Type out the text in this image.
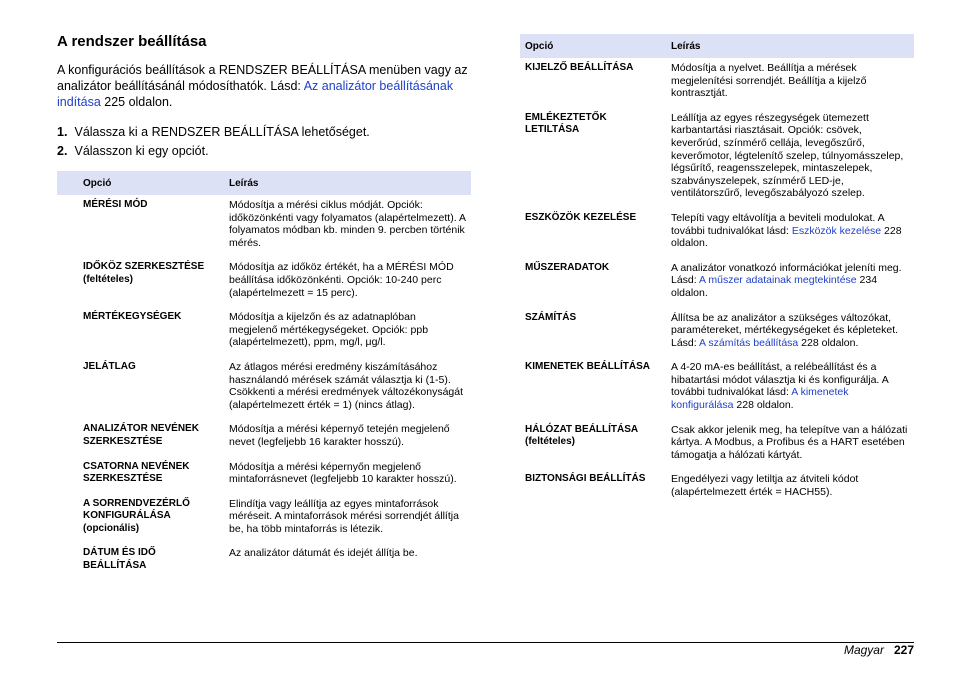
A rendszer beállítása

A konfigurációs beállítások a RENDSZER BEÁLLÍTÁSA menüben vagy az analizátor beállításánál módosíthatók. Lásd: Az analizátor beállításának indítása 225 oldalon.

1. Válassza ki a RENDSZER BEÁLLÍTÁSA lehetőséget.
2. Válasszon ki egy opciót.
Opció	Leírás
MÉRÉSI MÓD	Módosítja a mérési ciklus módját. Opciók: időközönkénti vagy folyamatos (alapértelmezett). A folyamatos módban kb. minden 9. percben történik mérés.
IDŐKÖZ SZERKESZTÉSE (feltételes)	Módosítja az időköz értékét, ha a MÉRÉSI MÓD beállítása időközönkénti. Opciók: 10-240 perc (alapértelmezett = 15 perc).
MÉRTÉKEGYSÉGEK	Módosítja a kijelzőn és az adatnaplóban megjelenő mértékegységeket. Opciók: ppb (alapértelmezett), ppm, mg/l, μg/l.
JELÁTLAG	Az átlagos mérési eredmény kiszámításához használandó mérések számát választja ki (1-5). Csökkenti a mérési eredmények változékonyságát (alapértelmezett érték = 1) (nincs átlag).
ANALIZÁTOR NEVÉNEK SZERKESZTÉSE	Módosítja a mérési képernyő tetején megjelenő nevet (legfeljebb 16 karakter hosszú).
CSATORNA NEVÉNEK SZERKESZTÉSE	Módosítja a mérési képernyőn megjelenő mintaforrásnevet (legfeljebb 10 karakter hosszú).
A SORRENDVEZÉRLŐ KONFIGURÁLÁSA (opcionális)	Elindítja vagy leállítja az egyes mintaforrások méréseit. A mintaforrások mérési sorrendjét állítja be, ha több mintaforrás is létezik.
DÁTUM ÉS IDŐ BEÁLLÍTÁSA	Az analizátor dátumát és idejét állítja be.
Opció	Leírás
KIJELZŐ BEÁLLÍTÁSA	Módosítja a nyelvet. Beállítja a mérések megjelenítési sorrendjét. Beállítja a kijelző kontrasztját.
EMLÉKEZTETŐK LETILTÁSA	Leállítja az egyes részegységek ütemezett karbantartási riasztásait. Opciók: csövek, keverőrúd, színmérő cellája, levegőszűrő, keverőmotor, légtelenítő szelep, túlnyomásszelep, légsűrítő, reagensszelepek, mintaszelepek, szabványszelepek, színmérő LED-je, ventilátorszűrő, levegőszabályozó szelep.
ESZKÖZÖK KEZELÉSE	Telepíti vagy eltávolítja a beviteli modulokat. A további tudnivalókat lásd: Eszközök kezelése 228 oldalon.
MŰSZERADATOK	A analizátor vonatkozó információkat jeleníti meg. Lásd: A műszer adatainak megtekintése 234 oldalon.
SZÁMÍTÁS	Állítsa be az analizátor a szükséges változókat, paramétereket, mértékegységeket és képleteket. Lásd: A számítás beállítása 228 oldalon.
KIMENETEK BEÁLLÍTÁSA	A 4-20 mA-es beállítást, a relébeállítást és a hibatartási módot választja ki és konfigurálja. A további tudnivalókat lásd: A kimenetek konfigurálása 228 oldalon.
HÁLÓZAT BEÁLLÍTÁSA (feltételes)	Csak akkor jelenik meg, ha telepítve van a hálózati kártya. A Modbus, a Profibus és a HART esetében támogatja a hálózati kártyát.
BIZTONSÁGI BEÁLLÍTÁS	Engedélyezi vagy letiltja az átviteli kódot (alapértelmezett érték = HACH55).
Magyar 227
